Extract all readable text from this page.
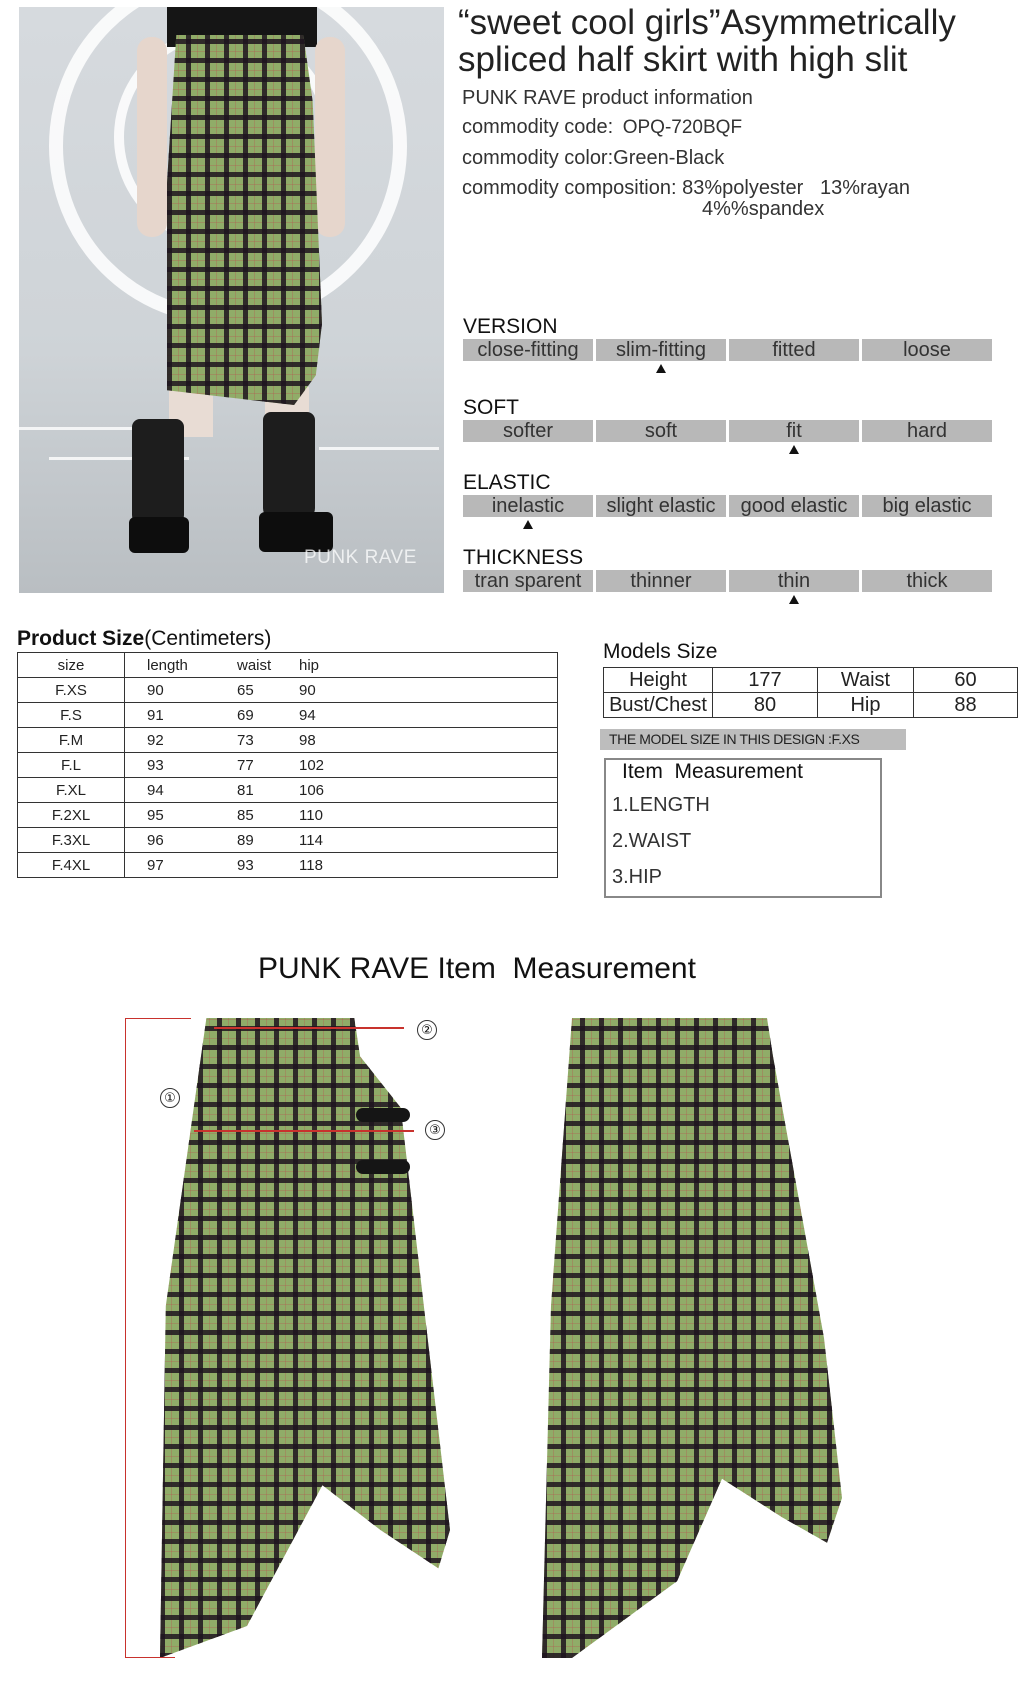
PUNK RAVE
“sweet cool girls”Asymmetrically
spliced half skirt with high slit
PUNK RAVE product information
commodity code: OPQ-720BQF
commodity color:Green-Black
commodity composition: 83%polyester   13%rayan
4%%spandex
VERSION
close-fitting	slim-fitting	fitted	loose
SOFT
softer	soft	fit	hard
ELASTIC
inelastic	slight elastic	good elastic	big elastic
THICKNESS
tran sparent	thinner	thin	thick
Product Size(Centimeters)
size	length	waist	hip
F.XS	90	65	90
F.S	91	69	94
F.M	92	73	98
F.L	93	77	102
F.XL	94	81	106
F.2XL	95	85	110
F.3XL	96	89	114
F.4XL	97	93	118
Models Size
Height	177	Waist	60
Bust/Chest	80	Hip	88
THE MODEL SIZE IN THIS DESIGN :F.XS
Item  Measurement
1.LENGTH
2.WAIST
3.HIP
PUNK RAVE Item  Measurement
①
②
③
